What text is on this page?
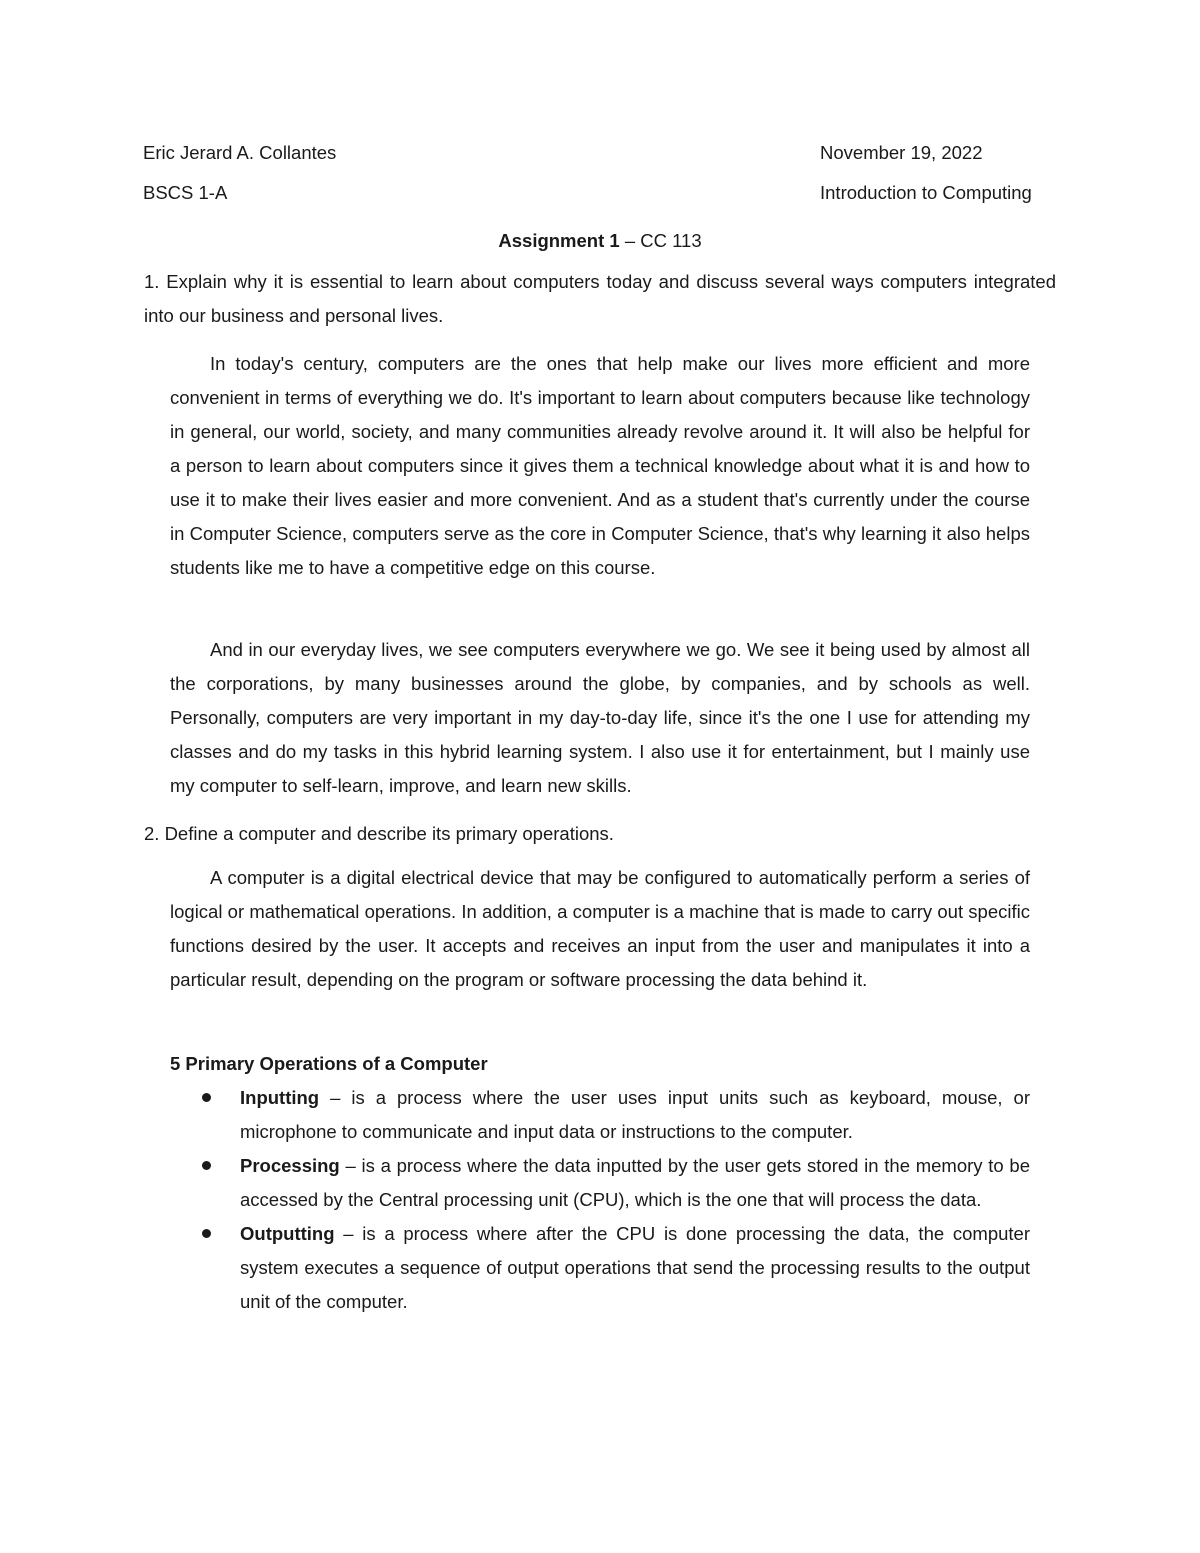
Eric Jerard A. Collantes	November 19, 2022
BSCS 1-A	Introduction to Computing
Assignment 1 – CC 113
1. Explain why it is essential to learn about computers today and discuss several ways computers integrated into our business and personal lives.
In today's century, computers are the ones that help make our lives more efficient and more convenient in terms of everything we do. It's important to learn about computers because like technology in general, our world, society, and many communities already revolve around it. It will also be helpful for a person to learn about computers since it gives them a technical knowledge about what it is and how to use it to make their lives easier and more convenient. And as a student that's currently under the course in Computer Science, computers serve as the core in Computer Science, that's why learning it also helps students like me to have a competitive edge on this course.
And in our everyday lives, we see computers everywhere we go. We see it being used by almost all the corporations, by many businesses around the globe, by companies, and by schools as well. Personally, computers are very important in my day-to-day life, since it's the one I use for attending my classes and do my tasks in this hybrid learning system. I also use it for entertainment, but I mainly use my computer to self-learn, improve, and learn new skills.
2. Define a computer and describe its primary operations.
A computer is a digital electrical device that may be configured to automatically perform a series of logical or mathematical operations. In addition, a computer is a machine that is made to carry out specific functions desired by the user. It accepts and receives an input from the user and manipulates it into a particular result, depending on the program or software processing the data behind it.
5 Primary Operations of a Computer
Inputting – is a process where the user uses input units such as keyboard, mouse, or microphone to communicate and input data or instructions to the computer.
Processing – is a process where the data inputted by the user gets stored in the memory to be accessed by the Central processing unit (CPU), which is the one that will process the data.
Outputting – is a process where after the CPU is done processing the data, the computer system executes a sequence of output operations that send the processing results to the output unit of the computer.
